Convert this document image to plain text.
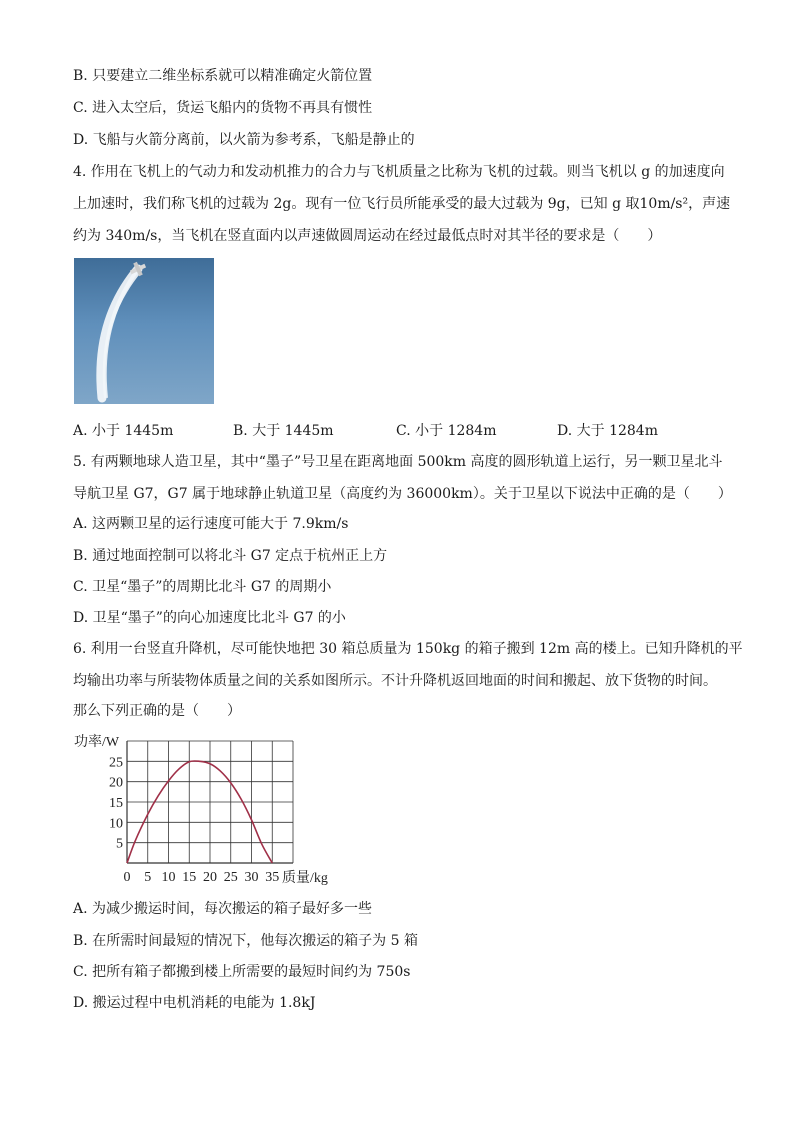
B. 只要建立二维坐标系就可以精准确定火箭位置
C. 进入太空后，货运飞船内的货物不再具有惯性
D. 飞船与火箭分离前，以火箭为参考系，飞船是静止的
4. 作用在飞机上的气动力和发动机推力的合力与飞机质量之比称为飞机的过载。则当飞机以 g 的加速度向
上加速时，我们称飞机的过载为 2g。现有一位飞行员所能承受的最大过载为 9g，已知 g 取10m/s²，声速
约为 340m/s，当飞机在竖直面内以声速做圆周运动在经过最低点时对其半径的要求是（　　）
A. 小于 1445m	B. 大于 1445m	C. 小于 1284m	D. 大于 1284m
5. 有两颗地球人造卫星，其中“墨子”号卫星在距离地面 500km 高度的圆形轨道上运行，另一颗卫星北斗
导航卫星 G7，G7 属于地球静止轨道卫星（高度约为 36000km）。关于卫星以下说法中正确的是（　　）
A. 这两颗卫星的运行速度可能大于 7.9km/s
B. 通过地面控制可以将北斗 G7 定点于杭州正上方
C. 卫星“墨子”的周期比北斗 G7 的周期小
D. 卫星“墨子”的向心加速度比北斗 G7 的小
6. 利用一台竖直升降机，尽可能快地把 30 箱总质量为 150kg 的箱子搬到 12m 高的楼上。已知升降机的平
均输出功率与所装物体质量之间的关系如图所示。不计升降机返回地面的时间和搬起、放下货物的时间。
那么下列正确的是（　　）
0 5 10 15 20 25 30 35
5
10
15
20
25
功率/W
质量/kg
A. 为减少搬运时间，每次搬运的箱子最好多一些
B. 在所需时间最短的情况下，他每次搬运的箱子为 5 箱
C. 把所有箱子都搬到楼上所需要的最短时间约为 750s
D. 搬运过程中电机消耗的电能为 1.8kJ
